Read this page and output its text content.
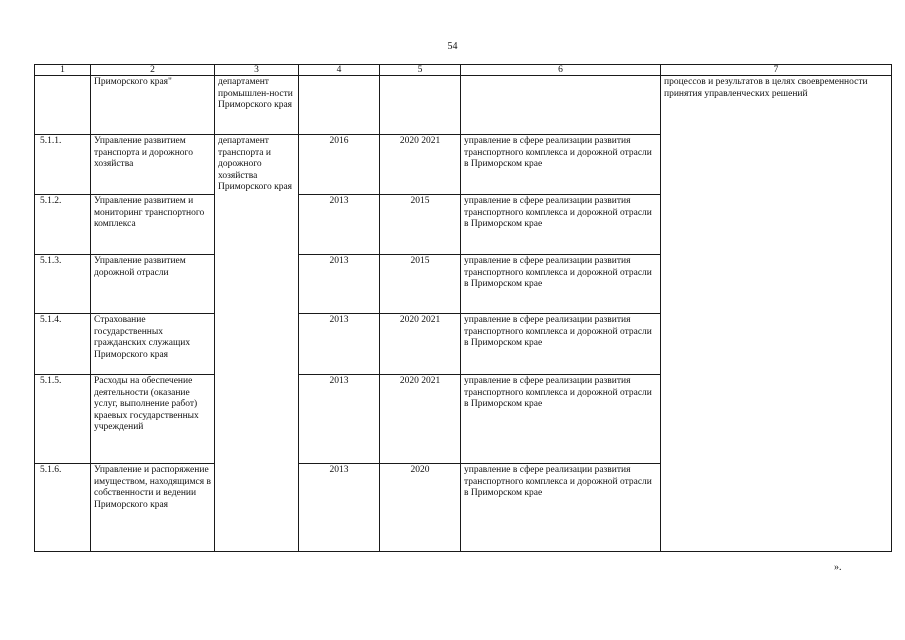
54
1	2	3	4	5	6	7
	Приморского края"	департамент промышлен-ности Приморского края				процессов и результатов в целях своевременности принятия управленческих решений
5.1.1.	Управление развитием транспорта и дорожного хозяйства	департамент транспорта и дорожного хозяйства Приморского края	2016	2020 2021	управление в сфере реализации развития транспортного комплекса и дорожной отрасли в Приморском крае	
5.1.2.	Управление развитием и мониторинг транспортного комплекса		2013	2015	управление в сфере реализации развития транспортного комплекса и дорожной отрасли в Приморском крае	
5.1.3.	Управление развитием дорожной отрасли		2013	2015	управление в сфере реализации развития транспортного комплекса и дорожной отрасли в Приморском крае	
5.1.4.	Страхование государственных гражданских служащих Приморского края		2013	2020 2021	управление в сфере реализации развития транспортного комплекса и дорожной отрасли в Приморском крае	
5.1.5.	Расходы на обеспечение деятельности (оказание услуг, выполнение работ) краевых государственных учреждений		2013	2020 2021	управление в сфере реализации развития транспортного комплекса и дорожной отрасли в Приморском крае	
5.1.6.	Управление и распоряжение имуществом, находящимся в собственности и ведении Приморского края		2013	2020	управление в сфере реализации развития транспортного комплекса и дорожной отрасли в Приморском крае	
».
